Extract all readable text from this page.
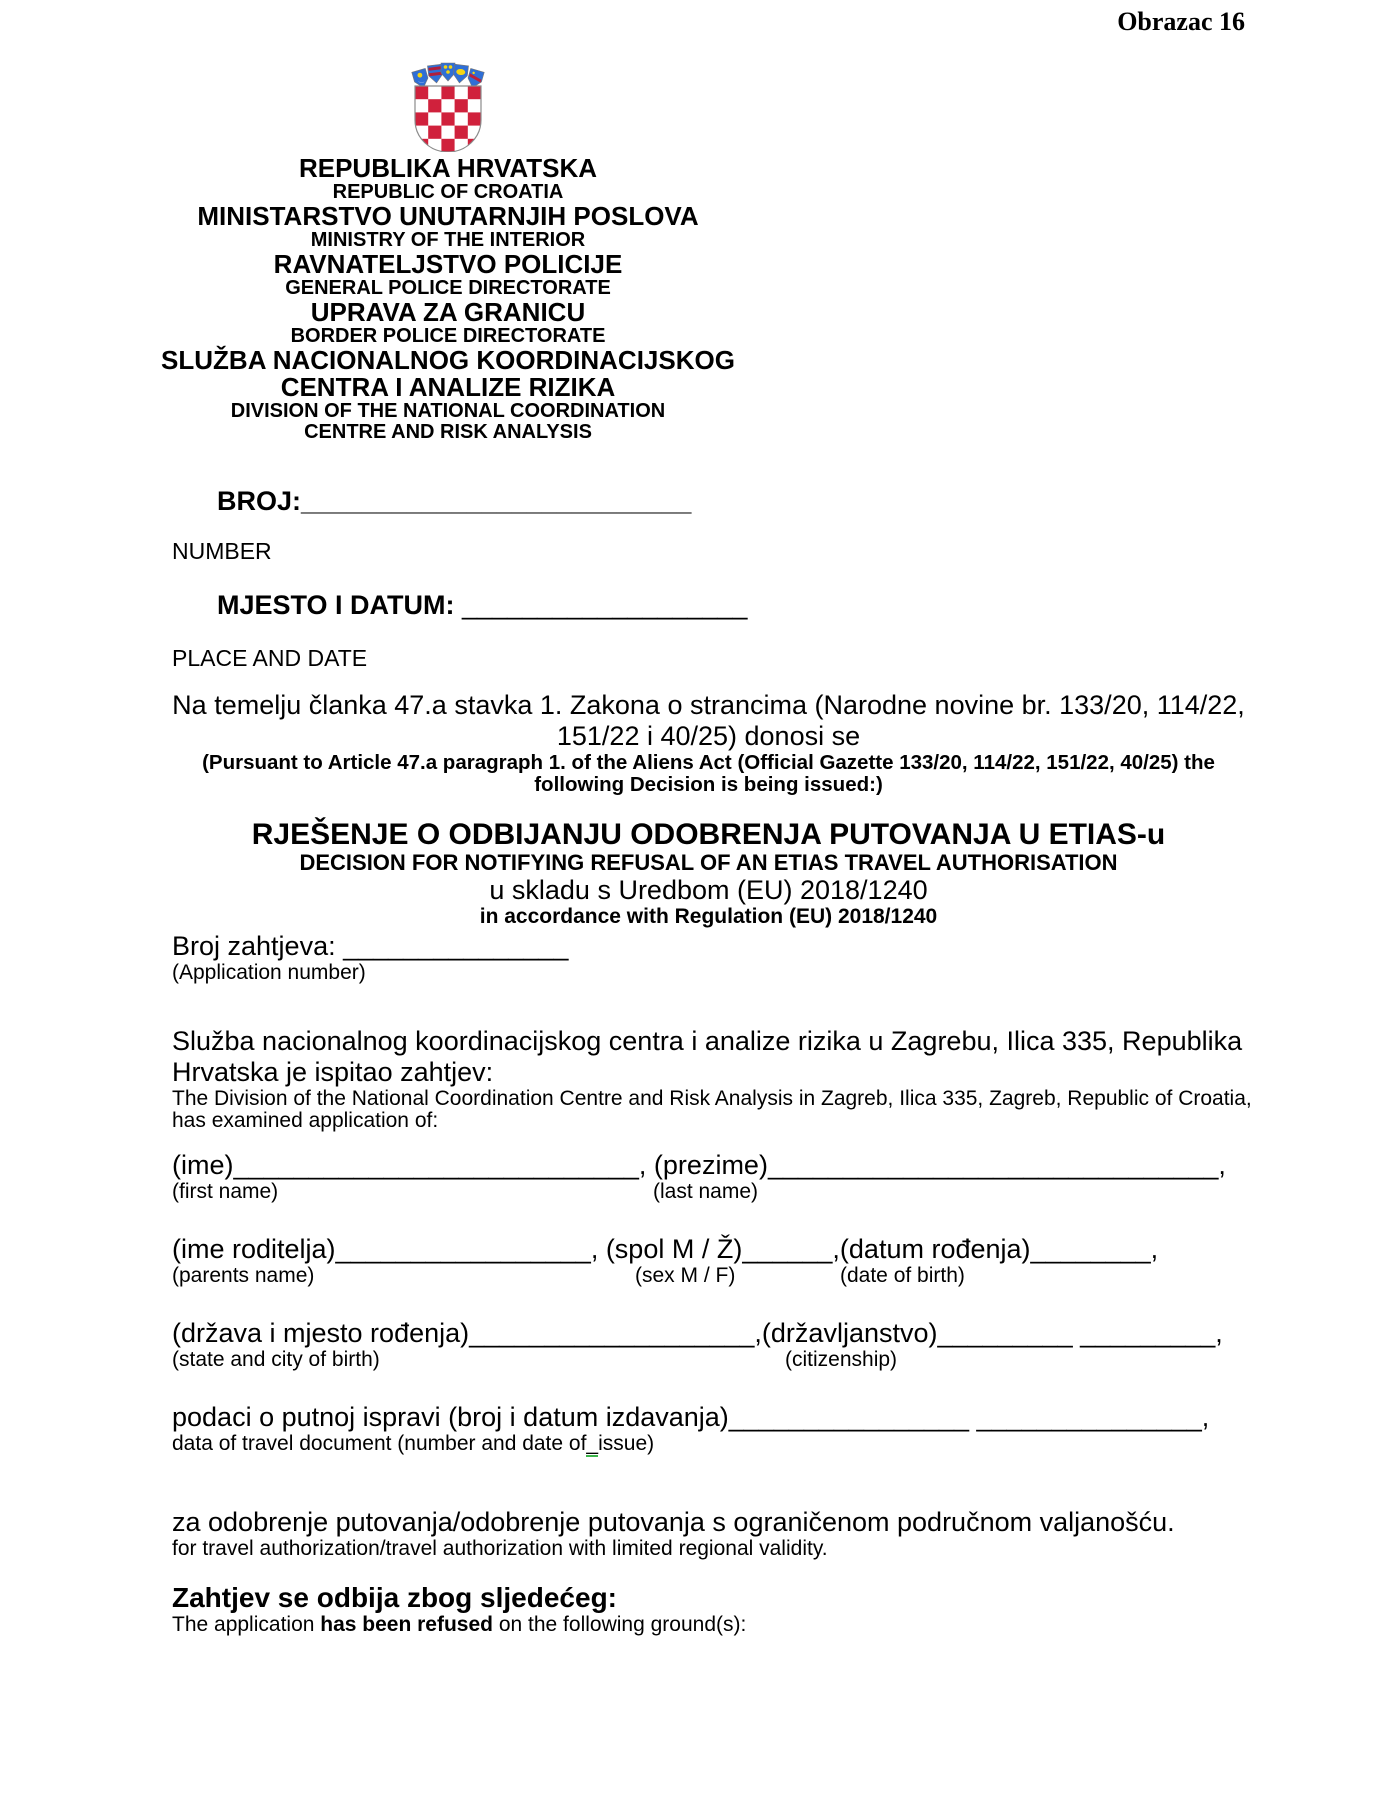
Obrazac 16
REPUBLIKA HRVATSKA
REPUBLIC OF CROATIA
MINISTARSTVO UNUTARNJIH POSLOVA
MINISTRY OF THE INTERIOR
RAVNATELJSTVO POLICIJE
GENERAL POLICE DIRECTORATE
UPRAVA ZA GRANICU
BORDER POLICE DIRECTORATE
SLUŽBA NACIONALNOG KOORDINACIJSKOG
CENTRA I ANALIZE RIZIKA
DIVISION OF THE NATIONAL COORDINATION
CENTRE AND RISK ANALYSIS

BROJ:__________________________

NUMBER

MJESTO I DATUM: ___________________

PLACE AND DATE
Na temelju članka 47.a stavka 1. Zakona o strancima (Narodne novine br. 133/20, 114/22,
151/22 i 40/25) donosi se
(Pursuant to Article 47.a paragraph 1. of the Aliens Act (Official Gazette 133/20, 114/22, 151/22, 40/25) the
following Decision is being issued:)
RJEŠENJE O ODBIJANJU ODOBRENJA PUTOVANJA U ETIAS-u
DECISION FOR NOTIFYING REFUSAL OF AN ETIAS TRAVEL AUTHORISATION
u skladu s Uredbom (EU) 2018/1240
in accordance with Regulation (EU) 2018/1240
Broj zahtjeva: _______________
(Application number)
Služba nacionalnog koordinacijskog centra i analize rizika u Zagrebu, Ilica 335, Republika
Hrvatska je ispitao zahtjev:
The Division of the National Coordination Centre and Risk Analysis in Zagreb, Ilica 335, Zagreb, Republic of Croatia,
has examined application of:
(ime)___________________________, (prezime)______________________________,

(first name)

	(last name)

(ime roditelja)_________________, (spol M / Ž)______,(datum rođenja)________,

(parents name)

	(sex M / F)

	(date of birth)

(država i mjesto rođenja)___________________,(državljanstvo)_________ _________,

(state and city of birth)

	(citizenship)

podaci o putnoj ispravi (broj i datum izdavanja)________________ _______________,

data of travel document (number and date of_issue)

za odobrenje putovanja/odobrenje putovanja s ograničenom područnom valjanošću.
for travel authorization/travel authorization with limited regional validity.
Zahtjev se odbija zbog sljedećeg:
The application has been refused on the following ground(s):
